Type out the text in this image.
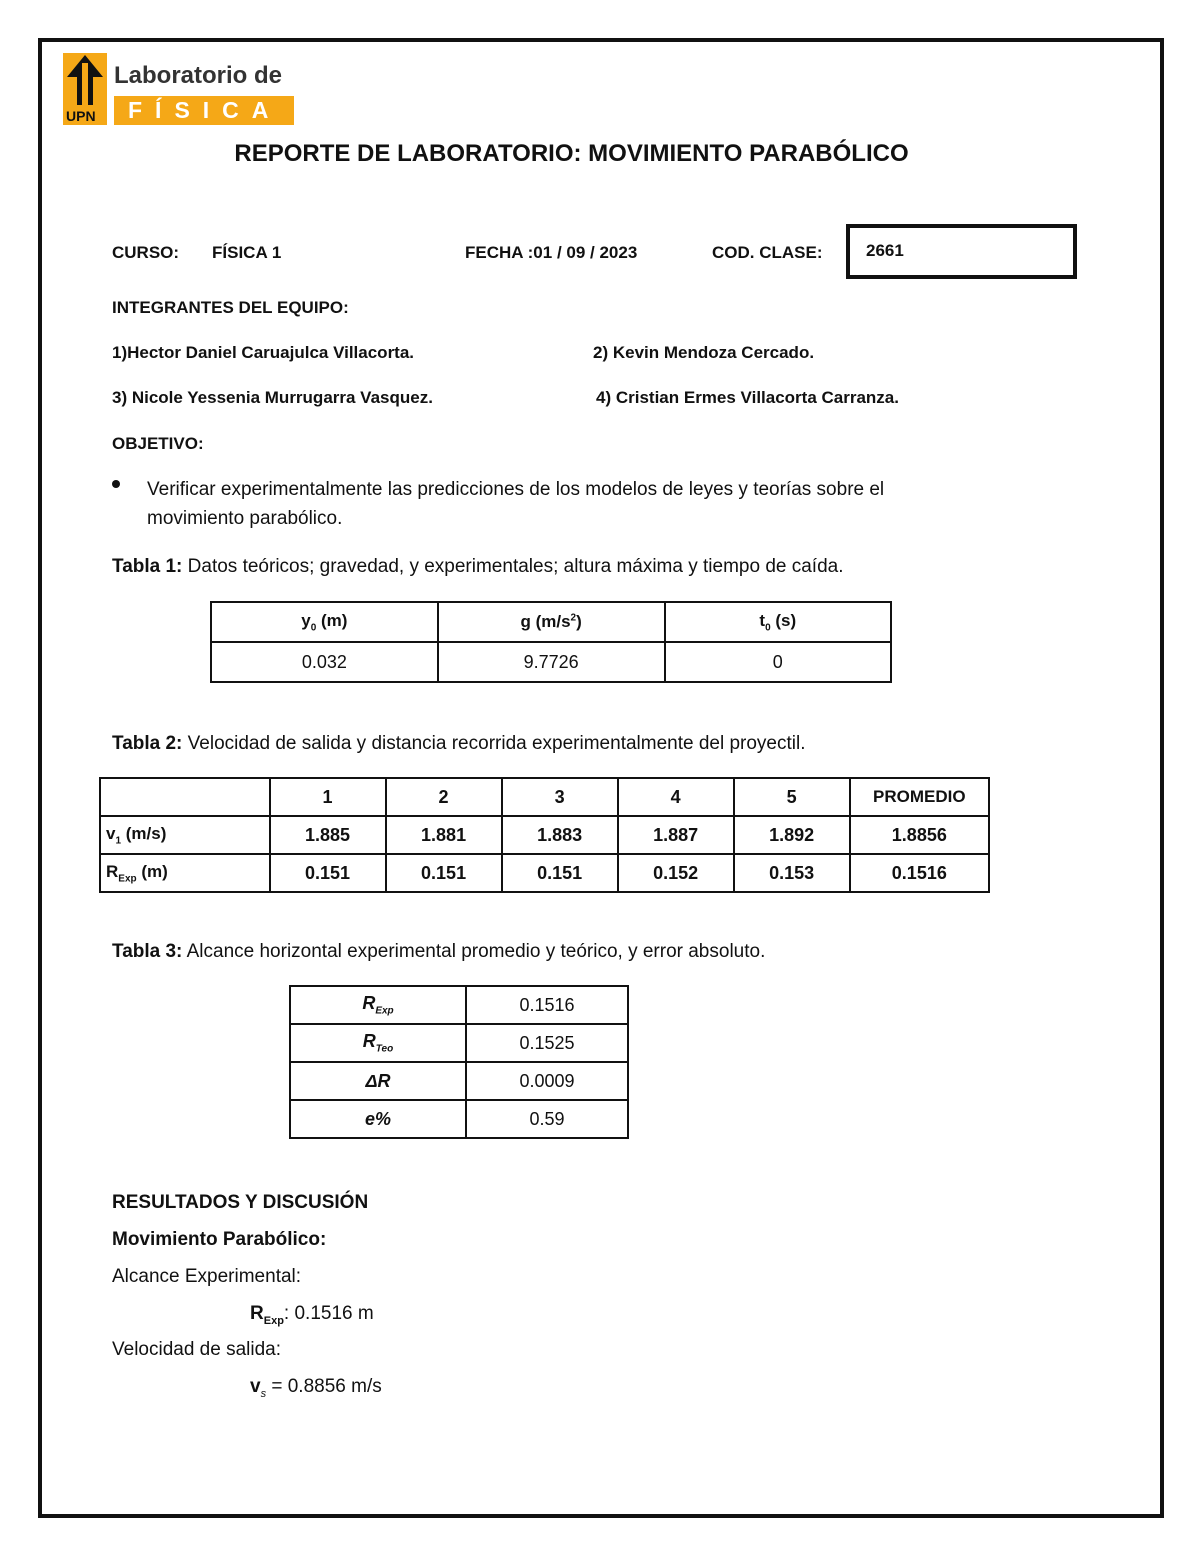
UPN
Laboratorio de
FÍSICA
REPORTE DE LABORATORIO: MOVIMIENTO PARABÓLICO
CURSO: FÍSICA 1	FECHA :01 / 09 / 2023	COD. CLASE:	2661
INTEGRANTES DEL EQUIPO:
1)Hector Daniel Caruajulca Villacorta.	2) Kevin Mendoza Cercado.
3) Nicole Yessenia Murrugarra Vasquez.	4) Cristian Ermes Villacorta Carranza.
OBJETIVO:
Verificar experimentalmente las predicciones de los modelos de leyes y teorías sobre el
movimiento parabólico.
Tabla 1: Datos teóricos; gravedad, y experimentales; altura máxima y tiempo de caída.
$y_0$ (m)	g $(m/s^2)$	$t_0$ (s)
0.032	9.7726	0
Tabla 2: Velocidad de salida y distancia recorrida experimentalmente del proyectil.
	1	2	3	4	5	PROMEDIO
$v_1$ (m/s)	1.885	1.881	1.883	1.887	1.892	1.8856
$R_{Exp}$ (m)	0.151	0.151	0.151	0.152	0.153	0.1516
Tabla 3: Alcance horizontal experimental promedio y teórico, y error absoluto.
$R_{Exp}$	0.1516
$R_{Teo}$	0.1525
ΔR	0.0009
e%	0.59
RESULTADOS Y DISCUSIÓN
Movimiento Parabólico:
Alcance Experimental:
$R_{Exp}$: 0.1516 m
Velocidad de salida:
$v_s = 0.8856$ m/s
